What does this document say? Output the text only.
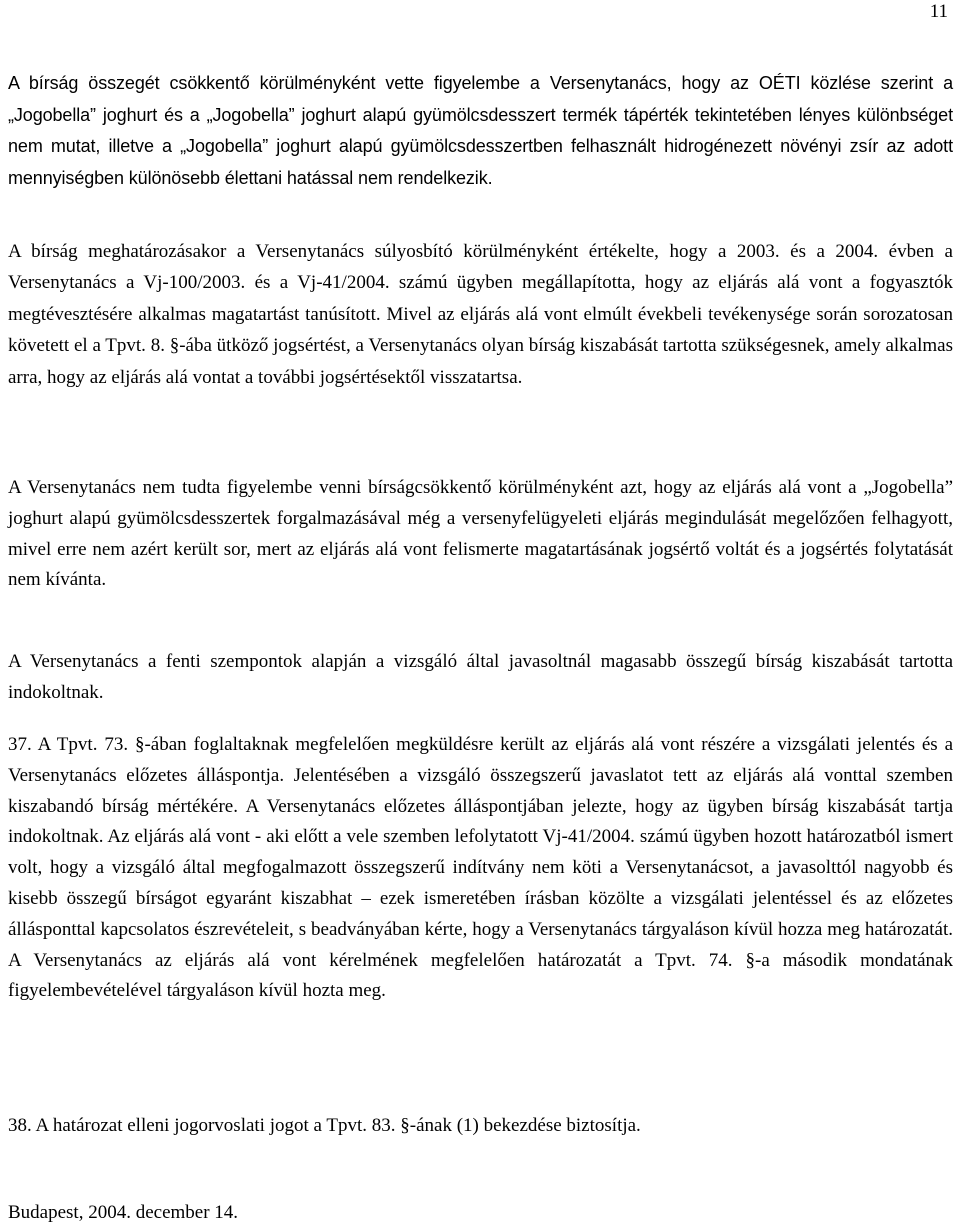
11

A bírság összegét csökkentő körülményként vette figyelembe a Versenytanács, hogy az OÉTI közlése szerint a „Jogobella” joghurt és a „Jogobella” joghurt alapú gyümölcsdesszert termék tápérték tekintetében lényes különbséget nem mutat, illetve a „Jogobella” joghurt alapú gyümölcsdesszertben felhasznált hidrogénezett növényi zsír az adott mennyiségben különösebb élettani hatással nem rendelkezik.

A bírság meghatározásakor a Versenytanács súlyosbító körülményként értékelte, hogy a 2003. és a 2004. évben a Versenytanács a Vj-100/2003. és a Vj-41/2004. számú ügyben megállapította, hogy az eljárás alá vont a fogyasztók megtévesztésére alkalmas magatartást tanúsított. Mivel az eljárás alá vont elmúlt évekbeli tevékenysége során sorozatosan követett el a Tpvt. 8. §-ába ütköző jogsértést, a Versenytanács olyan bírság kiszabását tartotta szükségesnek, amely alkalmas arra, hogy az eljárás alá vontat a további jogsértésektől visszatartsa.

A Versenytanács nem tudta figyelembe venni bírságcsökkentő körülményként azt, hogy az eljárás alá vont a „Jogobella” joghurt alapú gyümölcsdesszertek forgalmazásával még a versenyfelügyeleti eljárás megindulását megelőzően felhagyott, mivel erre nem azért került sor, mert az eljárás alá vont felismerte magatartásának jogsértő voltát és a jogsértés folytatását nem kívánta.

A Versenytanács a fenti szempontok alapján a vizsgáló által javasoltnál magasabb összegű bírság kiszabását tartotta indokoltnak.

37. A Tpvt. 73. §-ában foglaltaknak megfelelően megküldésre került az eljárás alá vont részére a vizsgálati jelentés és a Versenytanács előzetes álláspontja. Jelentésében a vizsgáló összegszerű javaslatot tett az eljárás alá vonttal szemben kiszabandó bírság mértékére. A Versenytanács előzetes álláspontjában jelezte, hogy az ügyben bírság kiszabását tartja indokoltnak. Az eljárás alá vont - aki előtt a vele szemben lefolytatott Vj-41/2004. számú ügyben hozott határozatból ismert volt, hogy a vizsgáló által megfogalmazott összegszerű indítvány nem köti a Versenytanácsot, a javasolttól nagyobb és kisebb összegű bírságot egyaránt kiszabhat – ezek ismeretében írásban közölte a vizsgálati jelentéssel és az előzetes állásponttal kapcsolatos észrevételeit, s beadványában kérte, hogy a Versenytanács tárgyaláson kívül hozza meg határozatát. A Versenytanács az eljárás alá vont kérelmének megfelelően határozatát a Tpvt. 74. §-a második mondatának figyelembevételével tárgyaláson kívül hozta meg.

38. A határozat elleni jogorvoslati jogot a Tpvt. 83. §-ának (1) bekezdése biztosítja.

Budapest, 2004. december 14.
